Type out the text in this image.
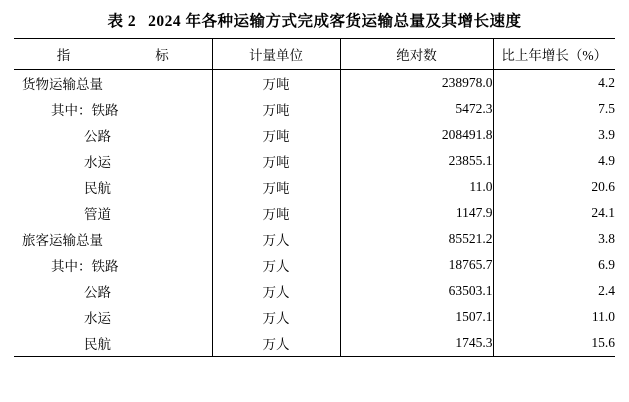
表 2 2024 年各种运输方式完成客货运输总量及其增长速度
指　　　标	计量单位	绝对数	比上年增长（%）
货物运输总量	万吨	238978.0	4.2
其中：铁路	万吨	5472.3	7.5
公路	万吨	208491.8	3.9
水运	万吨	23855.1	4.9
民航	万吨	11.0	20.6
管道	万吨	1147.9	24.1
旅客运输总量	万人	85521.2	3.8
其中：铁路	万人	18765.7	6.9
公路	万人	63503.1	2.4
水运	万人	1507.1	11.0
民航	万人	1745.3	15.6
